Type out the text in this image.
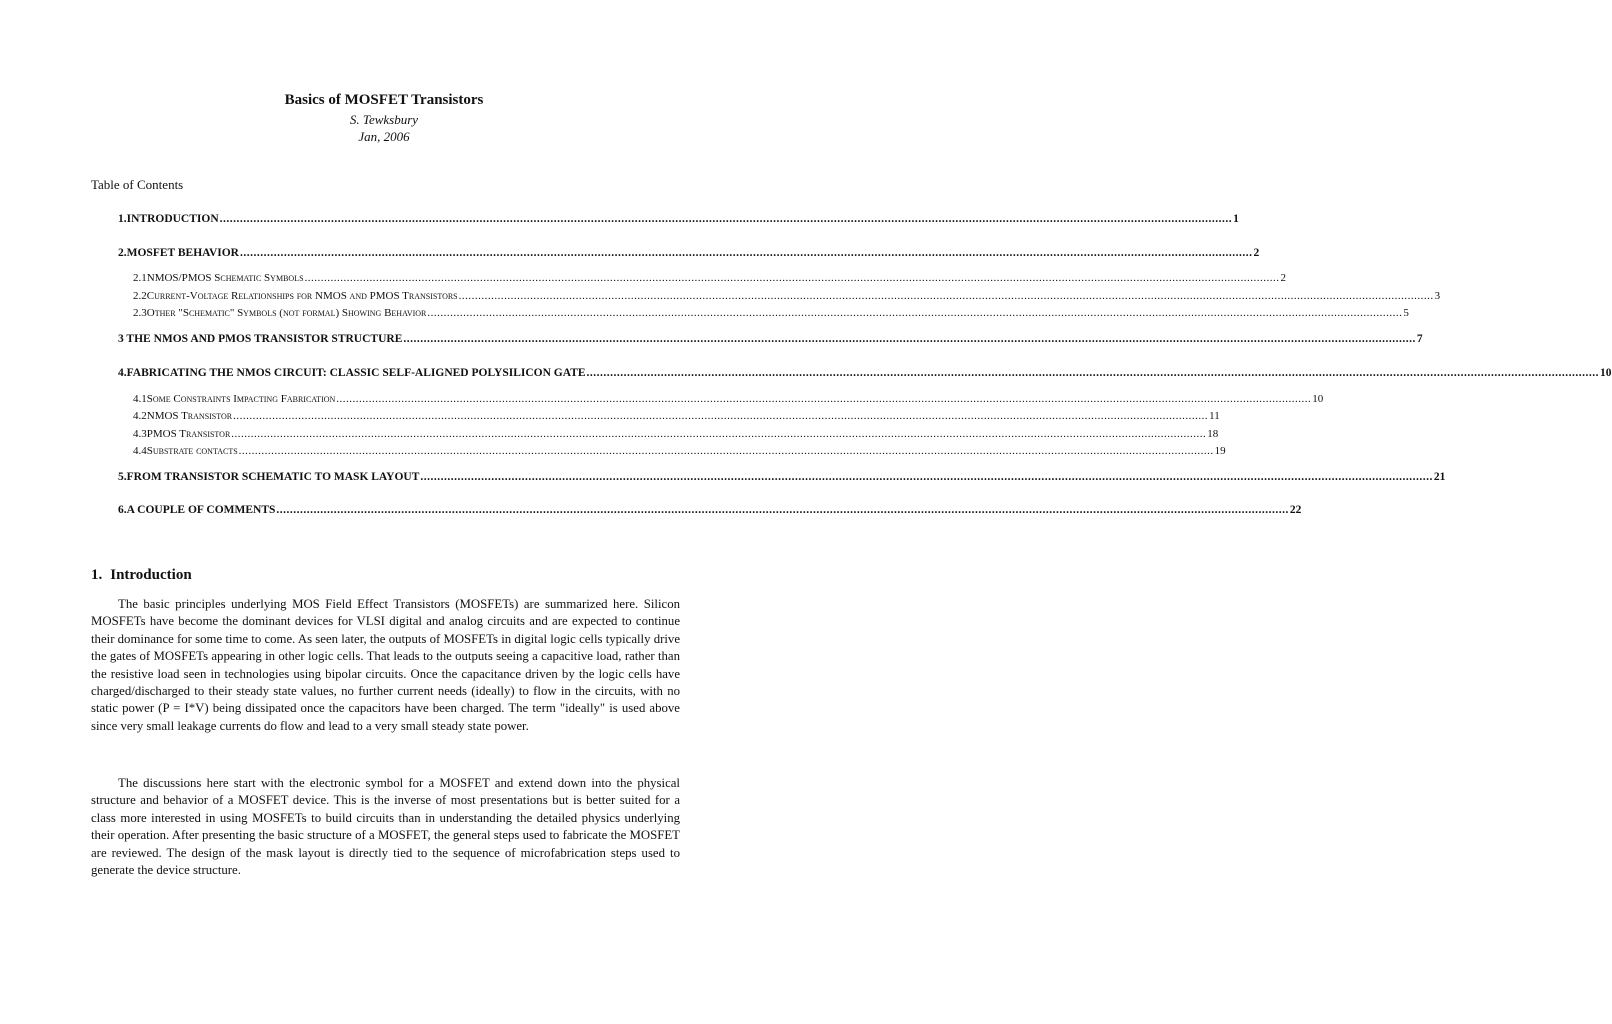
Basics of MOSFET Transistors
S. Tewksbury
Jan, 2006
Table of Contents
1. INTRODUCTION ............................................................................................................................................................................................................................................................................................................ 1
2. MOSFET BEHAVIOR ............................................................................................................................................................................................................................................................................................................ 2
2.1 NMOS/PMOS Schematic Symbols ............................................................................................................................................................................................................................................................................................................ 2
2.2 Current-Voltage Relationships for NMOS and PMOS Transistors ............................................................................................................................................................................................................................................................................................................ 3
2.3 Other "Schematic" Symbols (not formal) Showing Behavior ............................................................................................................................................................................................................................................................................................................ 5
3 THE NMOS AND PMOS TRANSISTOR STRUCTURE ............................................................................................................................................................................................................................................................................................................ 7
4. FABRICATING THE NMOS CIRCUIT: CLASSIC SELF-ALIGNED POLYSILICON GATE ............................................................................................................................................................................................................................................................................................................ 10
4.1 Some Constraints Impacting Fabrication ............................................................................................................................................................................................................................................................................................................ 10
4.2 NMOS Transistor ............................................................................................................................................................................................................................................................................................................ 11
4.3 PMOS Transistor ............................................................................................................................................................................................................................................................................................................ 18
4.4 Substrate contacts ............................................................................................................................................................................................................................................................................................................ 19
5. FROM TRANSISTOR SCHEMATIC TO MASK LAYOUT ............................................................................................................................................................................................................................................................................................................ 21
6. A COUPLE OF COMMENTS ............................................................................................................................................................................................................................................................................................................ 22
1. Introduction

The basic principles underlying MOS Field Effect Transistors (MOSFETs) are summarized here. Silicon MOSFETs have become the dominant devices for VLSI digital and analog circuits and are expected to continue their dominance for some time to come. As seen later, the outputs of MOSFETs in digital logic cells typically drive the gates of MOSFETs appearing in other logic cells. That leads to the outputs seeing a capacitive load, rather than the resistive load seen in technologies using bipolar circuits. Once the capacitance driven by the logic cells have charged/discharged to their steady state values, no further current needs (ideally) to flow in the circuits, with no static power (P = I*V) being dissipated once the capacitors have been charged. The term "ideally" is used above since very small leakage currents do flow and lead to a very small steady state power.

The discussions here start with the electronic symbol for a MOSFET and extend down into the physical structure and behavior of a MOSFET device. This is the inverse of most presentations but is better suited for a class more interested in using MOSFETs to build circuits than in understanding the detailed physics underlying their operation. After presenting the basic structure of a MOSFET, the general steps used to fabricate the MOSFET are reviewed. The design of the mask layout is directly tied to the sequence of microfabrication steps used to generate the device structure.
